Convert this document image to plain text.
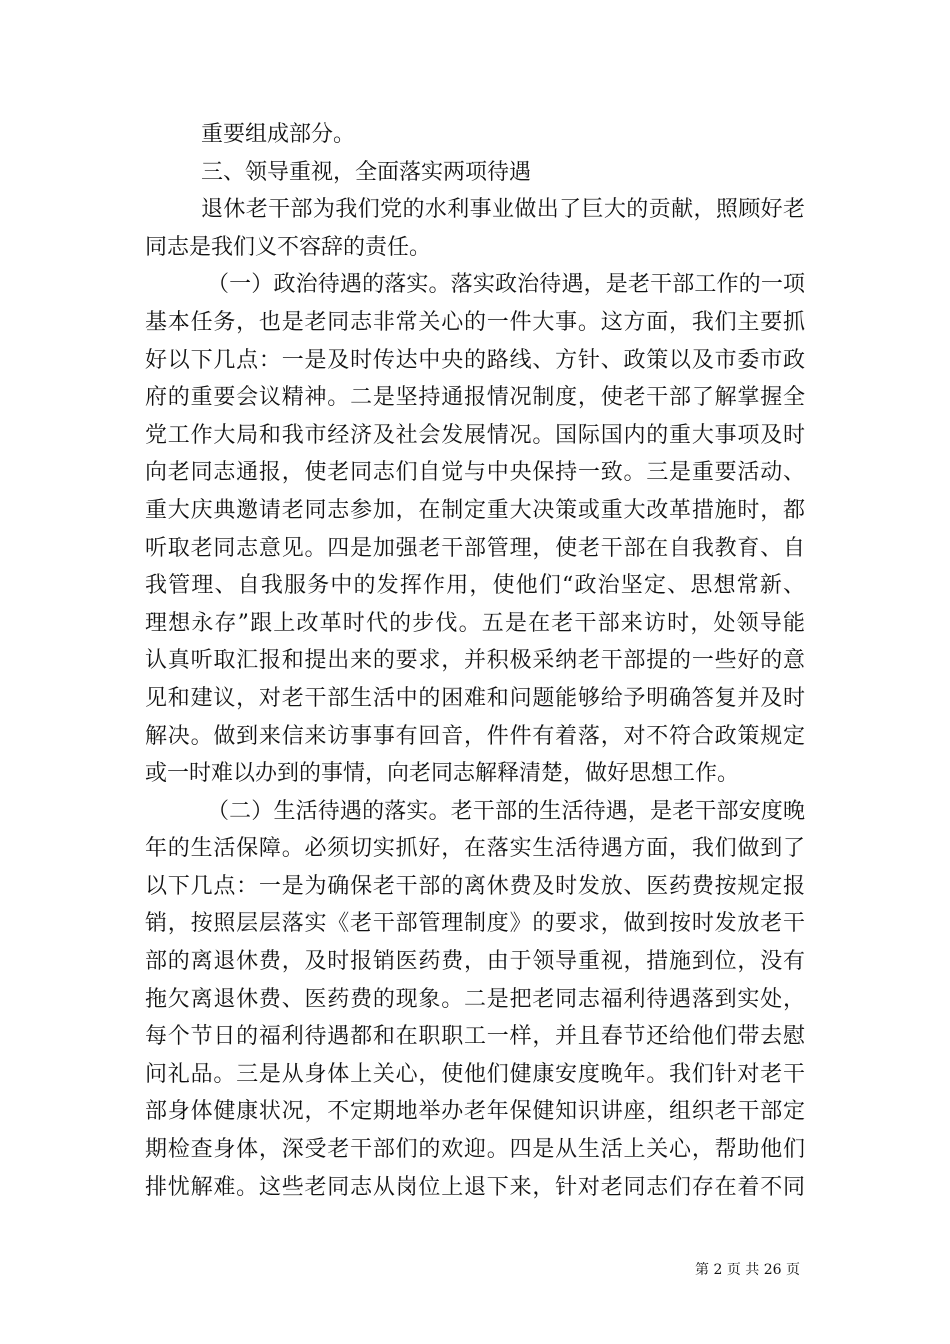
重要组成部分。

三、领导重视，全面落实两项待遇

退休老干部为我们党的水利事业做出了巨大的贡献，照顾好老
同志是我们义不容辞的责任。

（一）政治待遇的落实。落实政治待遇，是老干部工作的一项
基本任务，也是老同志非常关心的一件大事。这方面，我们主要抓
好以下几点：一是及时传达中央的路线、方针、政策以及市委市政
府的重要会议精神。二是坚持通报情况制度，使老干部了解掌握全
党工作大局和我市经济及社会发展情况。国际国内的重大事项及时
向老同志通报，使老同志们自觉与中央保持一致。三是重要活动、
重大庆典邀请老同志参加，在制定重大决策或重大改革措施时，都
听取老同志意见。四是加强老干部管理，使老干部在自我教育、自
我管理、自我服务中的发挥作用，使他们“政治坚定、思想常新、
理想永存”跟上改革时代的步伐。五是在老干部来访时，处领导能
认真听取汇报和提出来的要求，并积极采纳老干部提的一些好的意
见和建议，对老干部生活中的困难和问题能够给予明确答复并及时
解决。做到来信来访事事有回音，件件有着落，对不符合政策规定
或一时难以办到的事情，向老同志解释清楚，做好思想工作。

（二）生活待遇的落实。老干部的生活待遇，是老干部安度晚
年的生活保障。必须切实抓好，在落实生活待遇方面，我们做到了
以下几点：一是为确保老干部的离休费及时发放、医药费按规定报
销，按照层层落实《老干部管理制度》的要求，做到按时发放老干
部的离退休费，及时报销医药费，由于领导重视，措施到位，没有
拖欠离退休费、医药费的现象。二是把老同志福利待遇落到实处，
每个节日的福利待遇都和在职职工一样，并且春节还给他们带去慰
问礼品。三是从身体上关心，使他们健康安度晚年。我们针对老干
部身体健康状况，不定期地举办老年保健知识讲座，组织老干部定
期检查身体，深受老干部们的欢迎。四是从生活上关心，帮助他们
排忧解难。这些老同志从岗位上退下来，针对老同志们存在着不同

第 2 页 共 26 页
